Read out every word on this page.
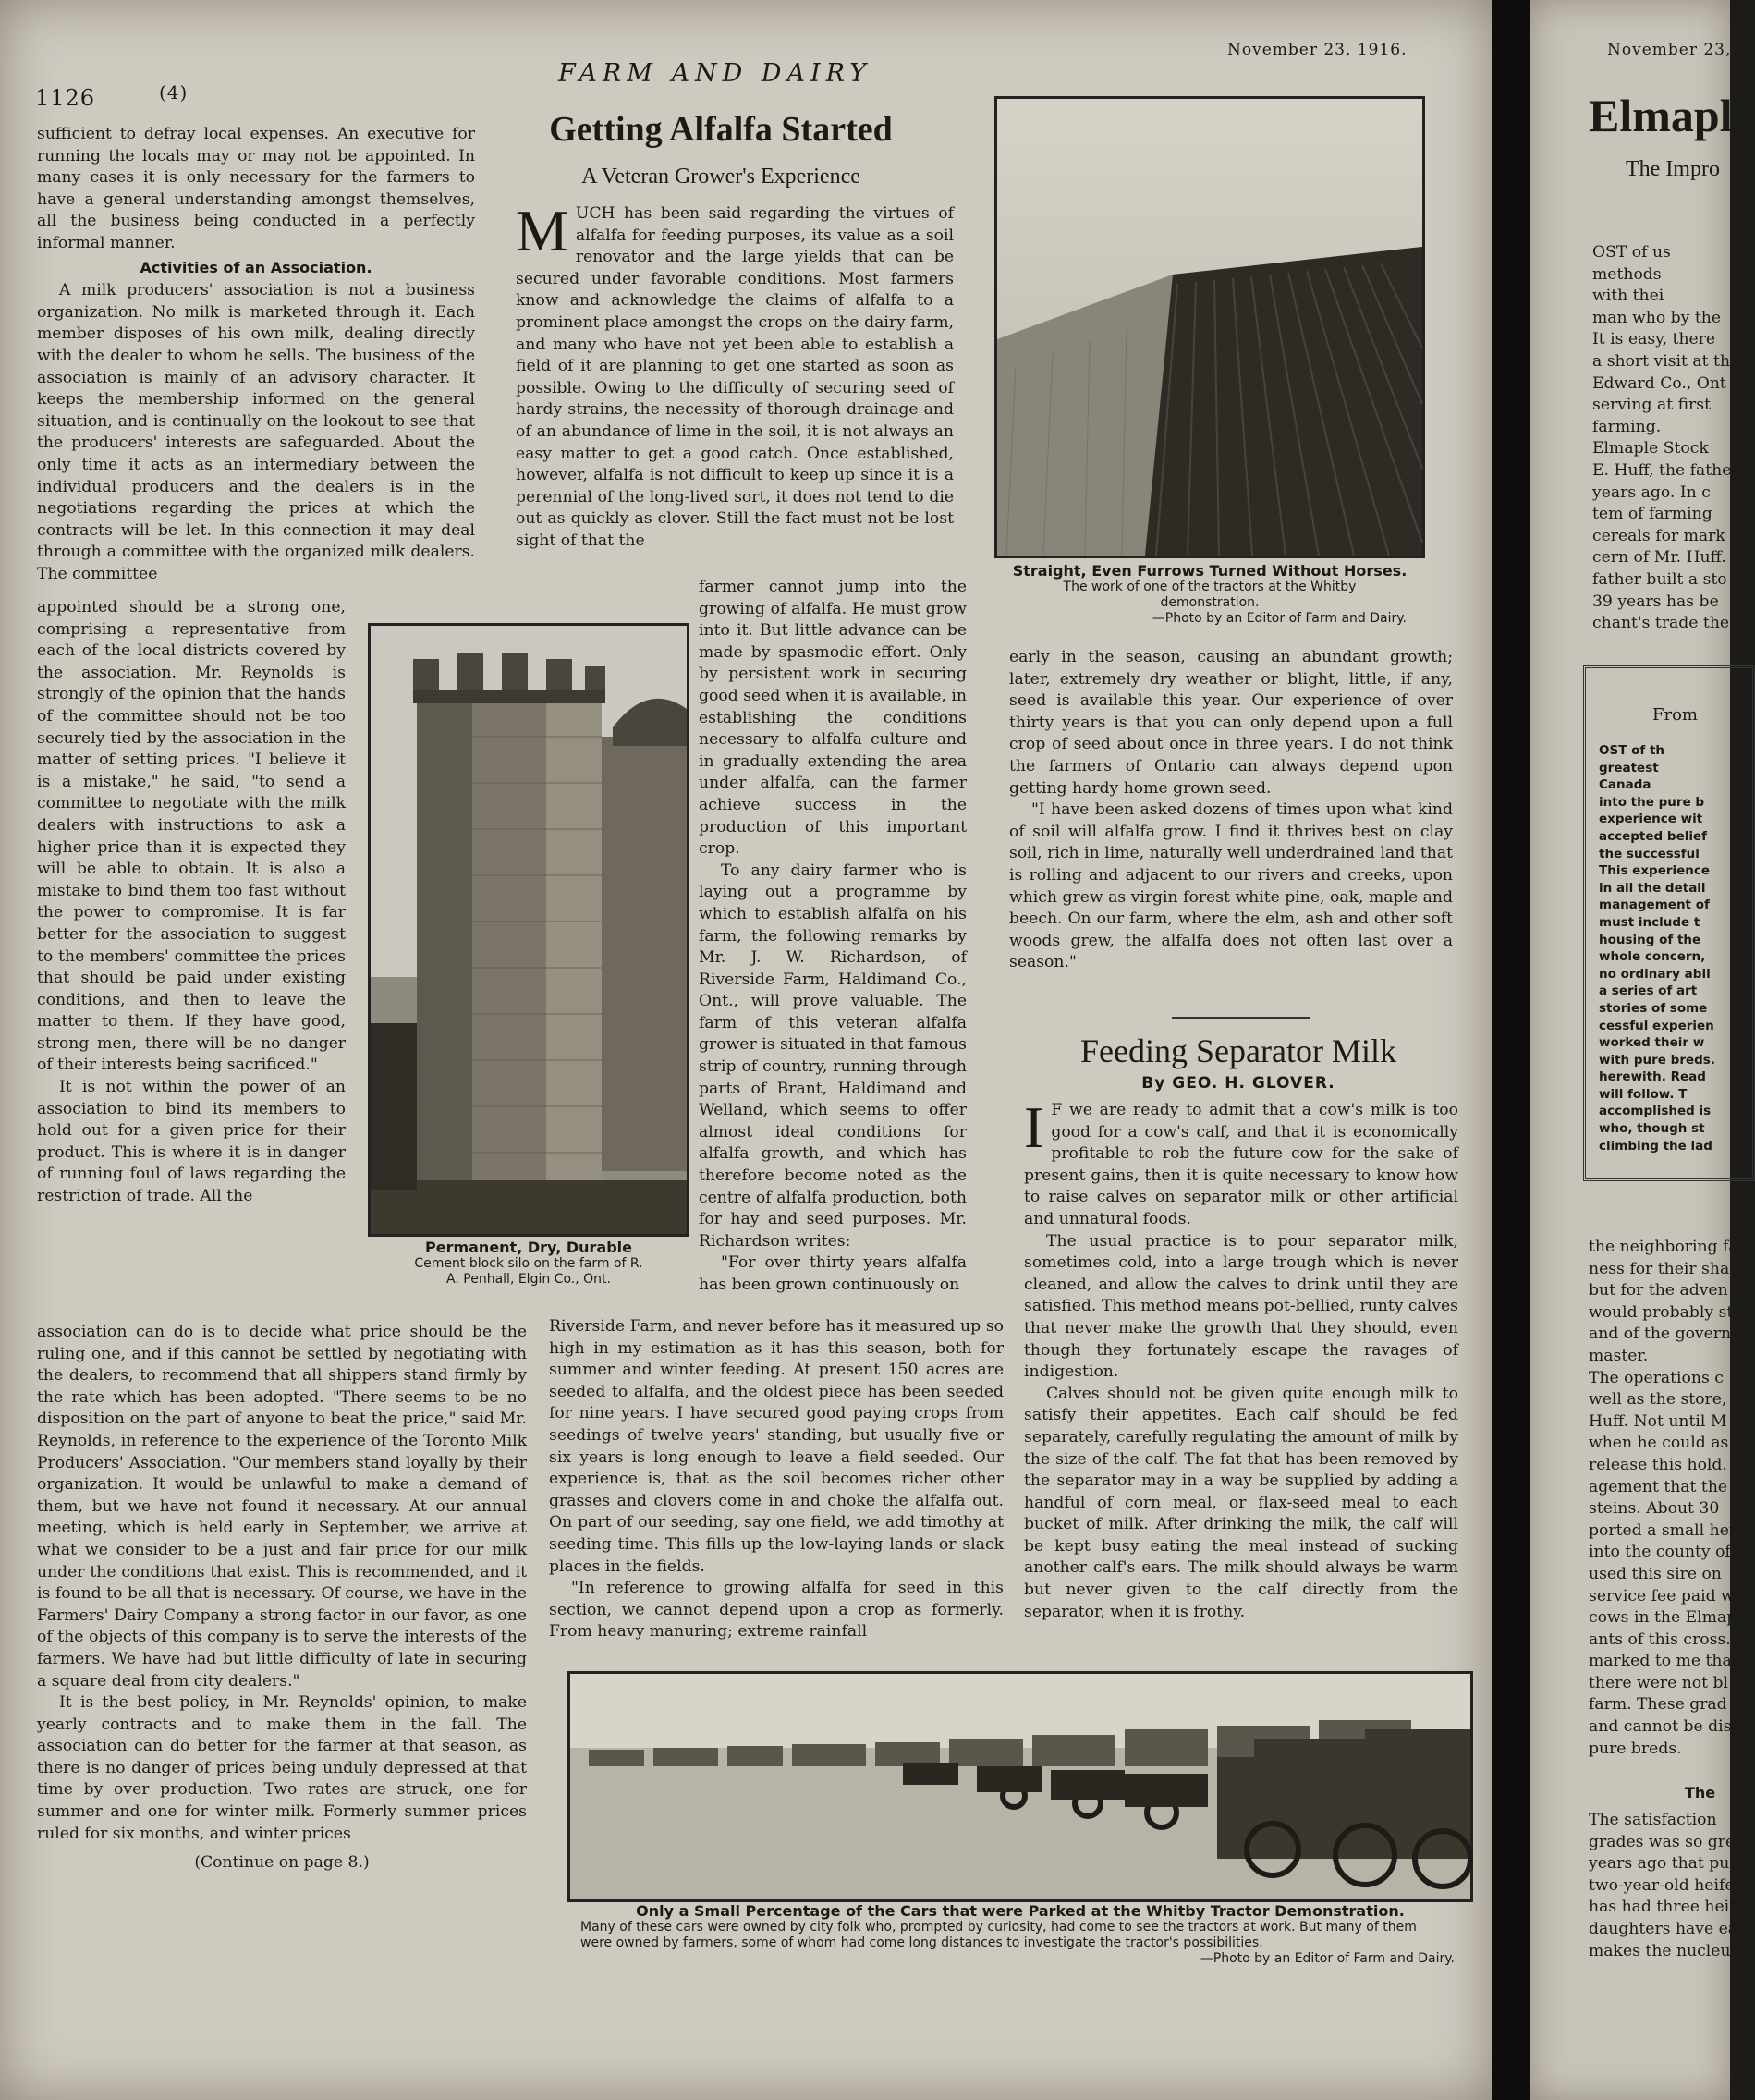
1126	(4)
FARM AND DAIRY
November 23, 1916.

sufficient to defray local expenses. An executive for running the locals may or may not be appointed. In many cases it is only necessary for the farmers to have a general understanding amongst themselves, all the business being conducted in a perfectly informal manner.

Activities of an Association.

A milk producers' association is not a business organization. No milk is marketed through it. Each member disposes of his own milk, dealing directly with the dealer to whom he sells. The business of the association is mainly of an advisory character. It keeps the membership informed on the general situation, and is continually on the lookout to see that the producers' interests are safeguarded. About the only time it acts as an intermediary between the individual producers and the dealers is in the negotiations regarding the prices at which the contracts will be let. In this connection it may deal through a committee with the organized milk dealers. The committee

appointed should be a strong one, comprising a representative from each of the local districts covered by the association. Mr. Reynolds is strongly of the opinion that the hands of the committee should not be too securely tied by the association in the matter of setting prices. "I believe it is a mistake," he said, "to send a committee to negotiate with the milk dealers with instructions to ask a higher price than it is expected they will be able to obtain. It is also a mistake to bind them too fast without the power to compromise. It is far better for the association to suggest to the members' committee the prices that should be paid under existing conditions, and then to leave the matter to them. If they have good, strong men, there will be no danger of their interests being sacrificed."

It is not within the power of an association to bind its members to hold out for a given price for their product. This is where it is in danger of running foul of laws regarding the restriction of trade. All the

association can do is to decide what price should be the ruling one, and if this cannot be settled by negotiating with the dealers, to recommend that all shippers stand firmly by the rate which has been adopted. "There seems to be no disposition on the part of anyone to beat the price," said Mr. Reynolds, in reference to the experience of the Toronto Milk Producers' Association. "Our members stand loyally by their organization. It would be unlawful to make a demand of them, but we have not found it necessary. At our annual meeting, which is held early in September, we arrive at what we consider to be a just and fair price for our milk under the conditions that exist. This is recommended, and it is found to be all that is necessary. Of course, we have in the Farmers' Dairy Company a strong factor in our favor, as one of the objects of this company is to serve the interests of the farmers. We have had but little difficulty of late in securing a square deal from city dealers."

It is the best policy, in Mr. Reynolds' opinion, to make yearly contracts and to make them in the fall. The association can do better for the farmer at that season, as there is no danger of prices being unduly depressed at that time by over production. Two rates are struck, one for summer and one for winter milk. Formerly summer prices ruled for six months, and winter prices

(Continue on page 8.)
Permanent, Dry, Durable
Cement block silo on the farm of R. A. Penhall, Elgin Co., Ont.
Getting Alfalfa Started
A Veteran Grower's Experience

MUCH has been said regarding the virtues of alfalfa for feeding purposes, its value as a soil renovator and the large yields that can be secured under favorable conditions. Most farmers know and acknowledge the claims of alfalfa to a prominent place amongst the crops on the dairy farm, and many who have not yet been able to establish a field of it are planning to get one started as soon as possible. Owing to the difficulty of securing seed of hardy strains, the necessity of thorough drainage and of an abundance of lime in the soil, it is not always an easy matter to get a good catch. Once established, however, alfalfa is not difficult to keep up since it is a perennial of the long-lived sort, it does not tend to die out as quickly as clover. Still the fact must not be lost sight of that the

farmer cannot jump into the growing of alfalfa. He must grow into it. But little advance can be made by spasmodic effort. Only by persistent work in securing good seed when it is available, in establishing the conditions necessary to alfalfa culture and in gradually extending the area under alfalfa, can the farmer achieve success in the production of this important crop.

To any dairy farmer who is laying out a programme by which to establish alfalfa on his farm, the following remarks by Mr. J. W. Richardson, of Riverside Farm, Haldimand Co., Ont., will prove valuable. The farm of this veteran alfalfa grower is situated in that famous strip of country, running through parts of Brant, Haldimand and Welland, which seems to offer almost ideal conditions for alfalfa growth, and which has therefore become noted as the centre of alfalfa production, both for hay and seed purposes. Mr. Richardson writes:

"For over thirty years alfalfa has been grown continuously on

Riverside Farm, and never before has it measured up so high in my estimation as it has this season, both for summer and winter feeding. At present 150 acres are seeded to alfalfa, and the oldest piece has been seeded for nine years. I have secured good paying crops from seedings of twelve years' standing, but usually five or six years is long enough to leave a field seeded. Our experience is, that as the soil becomes richer other grasses and clovers come in and choke the alfalfa out. On part of our seeding, say one field, we add timothy at seeding time. This fills up the low-laying lands or slack places in the fields.

"In reference to growing alfalfa for seed in this section, we cannot depend upon a crop as formerly. From heavy manuring; extreme rainfall

Straight, Even Furrows Turned Without Horses.
The work of one of the tractors at the Whitby demonstration.
—Photo by an Editor of Farm and Dairy.

early in the season, causing an abundant growth; later, extremely dry weather or blight, little, if any, seed is available this year. Our experience of over thirty years is that you can only depend upon a full crop of seed about once in three years. I do not think the farmers of Ontario can always depend upon getting hardy home grown seed.

"I have been asked dozens of times upon what kind of soil will alfalfa grow. I find it thrives best on clay soil, rich in lime, naturally well underdrained land that is rolling and adjacent to our rivers and creeks, upon which grew as virgin forest white pine, oak, maple and beech. On our farm, where the elm, ash and other soft woods grew, the alfalfa does not often last over a season."

Feeding Separator Milk
By GEO. H. GLOVER.

I F we are ready to admit that a cow's milk is too good for a cow's calf, and that it is economically profitable to rob the future cow for the sake of present gains, then it is quite necessary to know how to raise calves on separator milk or other artificial and unnatural foods.

The usual practice is to pour separator milk, sometimes cold, into a large trough which is never cleaned, and allow the calves to drink until they are satisfied. This method means pot-bellied, runty calves that never make the growth that they should, even though they fortunately escape the ravages of indigestion.

Calves should not be given quite enough milk to satisfy their appetites. Each calf should be fed separately, carefully regulating the amount of milk by the size of the calf. The fat that has been removed by the separator may in a way be supplied by adding a handful of corn meal, or flax-seed meal to each bucket of milk. After drinking the milk, the calf will be kept busy eating the meal instead of sucking another calf's ears. The milk should always be warm but never given to the calf directly from the separator, when it is frothy.

Only a Small Percentage of the Cars that were Parked at the Whitby Tractor Demonstration.
Many of these cars were owned by city folk who, prompted by curiosity, had come to see the tractors at work. But many of them were owned by farmers, some of whom had come long distances to investigate the tractor's possibilities.
—Photo by an Editor of Farm and Dairy.
November 23,
Elmaple
The Impro
OST of us
methods
with thei
man who by the
It is easy, there
a short visit at th
Edward Co., Ont
serving at first
farming.
Elmaple Stock
E. Huff, the fathe
years ago. In c
tem of farming
cereals for mark
cern of Mr. Huff.
father built a sto
39 years has be
chant's trade the
From
OST of th
greatest
Canada
into the pure b
experience wit
accepted belief
the successful
This experience
in all the detail
management of
must include t
housing of the
whole concern,
no ordinary abil
a series of art
stories of some
cessful experien
worked their w
with pure breds.
herewith. Read
will follow. T
accomplished is
who, though st
climbing the lad
the neighboring fa
ness for their sha
but for the adven
would probably st
and of the govern
master.
The operations c
well as the store,
Huff. Not until M
when he could as
release this hold.
agement that the
steins. About 30
ported a small her
into the county of
used this sire on
service fee paid w
cows in the Elmapl
ants of this cross.
marked to me that
there were not bl
farm. These grad
and cannot be dist
pure breds.
The
The satisfaction
grades was so grea
years ago that pur
two-year-old heifer
has had three heif
daughters have ea
makes the nucleus
